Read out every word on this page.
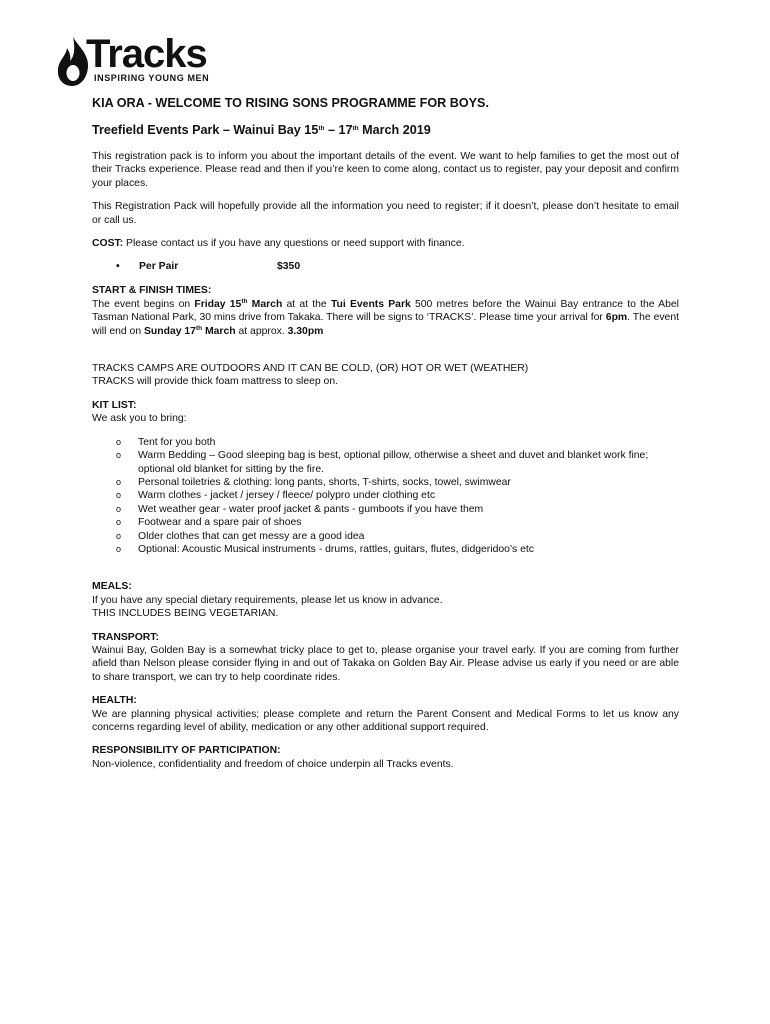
Tracks
INSPIRING YOUNG MEN
KIA ORA - WELCOME TO RISING SONS PROGRAMME FOR BOYS.
Treefield Events Park – Wainui Bay 15th – 17th March 2019

This registration pack is to inform you about the important details of the event. We want to help families to get the most out of their Tracks experience. Please read and then if you’re keen to come along, contact us to register, pay your deposit and confirm your places.

This Registration Pack will hopefully provide all the information you need to register; if it doesn’t, please don’t hesitate to email or call us.

COST: Please contact us if you have any questions or need support with finance.

• Per Pair	$350
START & FINISH TIMES:

The event begins on Friday 15th March at at the Tui Events Park 500 metres before the Wainui Bay entrance to the Abel Tasman National Park, 30 mins drive from Takaka. There will be signs to ‘TRACKS’. Please time your arrival for 6pm. The event will end on Sunday 17th March at approx. 3.30pm

TRACKS CAMPS ARE OUTDOORS AND IT CAN BE COLD, (OR) HOT OR WET (WEATHER)
TRACKS will provide thick foam mattress to sleep on.
KIT LIST:
We ask you to bring:
o Tent for you both
o Warm Bedding – Good sleeping bag is best, optional pillow, otherwise a sheet and duvet and blanket work fine; optional old blanket for sitting by the fire.
o Personal toiletries & clothing: long pants, shorts, T-shirts, socks, towel, swimwear
o Warm clothes - jacket / jersey / fleece/ polypro under clothing etc
o Wet weather gear - water proof jacket & pants - gumboots if you have them
o Footwear and a spare pair of shoes
o Older clothes that can get messy are a good idea
o Optional: Acoustic Musical instruments - drums, rattles, guitars, flutes, didgeridoo’s etc
MEALS:
If you have any special dietary requirements, please let us know in advance.
THIS INCLUDES BEING VEGETARIAN.
TRANSPORT:

Wainui Bay, Golden Bay is a somewhat tricky place to get to, please organise your travel early. If you are coming from further afield than Nelson please consider flying in and out of Takaka on Golden Bay Air. Please advise us early if you need or are able to share transport, we can try to help coordinate rides.

HEALTH:

We are planning physical activities; please complete and return the Parent Consent and Medical Forms to let us know any concerns regarding level of ability, medication or any other additional support required.

RESPONSIBILITY OF PARTICIPATION:

Non-violence, confidentiality and freedom of choice underpin all Tracks events.
